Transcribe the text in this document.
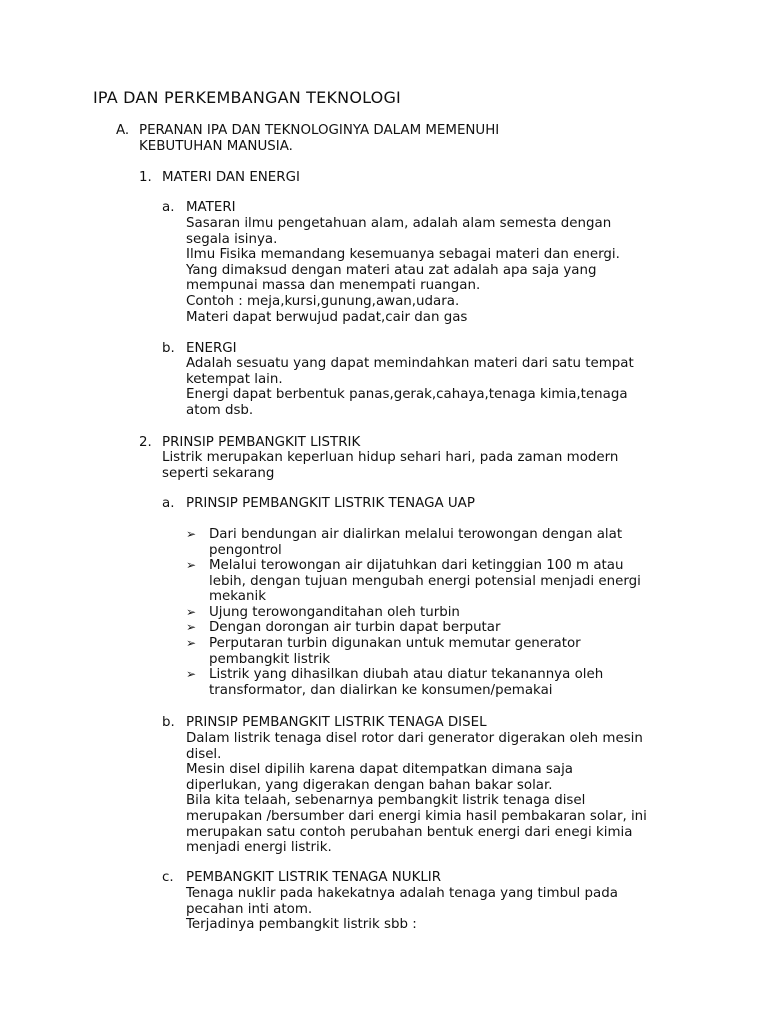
IPA DAN PERKEMBANGAN TEKNOLOGI
A. PERANAN IPA DAN TEKNOLOGINYA DALAM MEMENUHI
KEBUTUHAN MANUSIA.
1. MATERI DAN ENERGI
a. MATERI
Sasaran ilmu pengetahuan alam, adalah alam semesta dengan
segala isinya.
Ilmu Fisika memandang kesemuanya sebagai materi dan energi.
Yang dimaksud dengan materi atau zat adalah apa saja yang
mempunai massa dan menempati ruangan.
Contoh : meja,kursi,gunung,awan,udara.
Materi dapat berwujud padat,cair dan gas
b. ENERGI
Adalah sesuatu yang dapat memindahkan materi dari satu tempat
ketempat lain.
Energi dapat berbentuk panas,gerak,cahaya,tenaga kimia,tenaga
atom dsb.
2. PRINSIP PEMBANGKIT LISTRIK
Listrik merupakan keperluan hidup sehari hari, pada zaman modern
seperti sekarang
a. PRINSIP PEMBANGKIT LISTRIK TENAGA UAP
➢ Dari bendungan air dialirkan melalui terowongan dengan alat
pengontrol
➢ Melalui terowongan air dijatuhkan dari ketinggian 100 m atau
lebih, dengan tujuan mengubah energi potensial menjadi energi
mekanik
➢ Ujung terowonganditahan oleh turbin
➢ Dengan dorongan air turbin dapat berputar
➢ Perputaran turbin digunakan untuk memutar generator
pembangkit listrik
➢ Listrik yang dihasilkan diubah atau diatur tekanannya oleh
transformator, dan dialirkan ke konsumen/pemakai
b. PRINSIP PEMBANGKIT LISTRIK TENAGA DISEL
Dalam listrik tenaga disel rotor dari generator digerakan oleh mesin
disel.
Mesin disel dipilih karena dapat ditempatkan dimana saja
diperlukan, yang digerakan dengan bahan bakar solar.
Bila kita telaah, sebenarnya pembangkit listrik tenaga disel
merupakan /bersumber dari energi kimia hasil pembakaran solar, ini
merupakan satu contoh perubahan bentuk energi dari enegi kimia
menjadi energi listrik.
c. PEMBANGKIT LISTRIK TENAGA NUKLIR
Tenaga nuklir pada hakekatnya adalah tenaga yang timbul pada
pecahan inti atom.
Terjadinya pembangkit listrik sbb :
